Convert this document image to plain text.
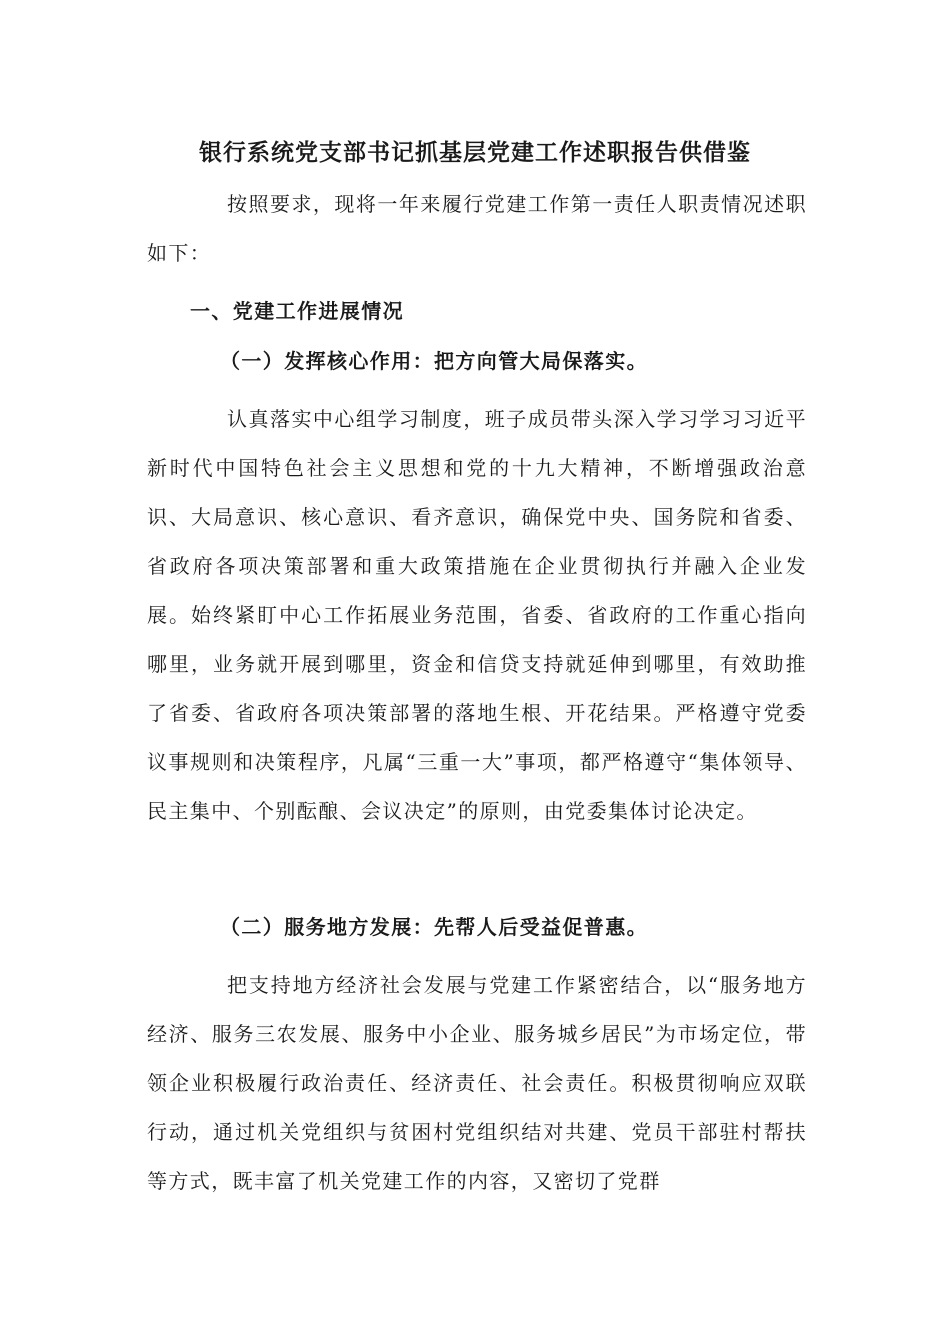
银行系统党支部书记抓基层党建工作述职报告供借鉴

按照要求，现将一年来履行党建工作第一责任人职责情况述职如下：

一、党建工作进展情况
（一）发挥核心作用：把方向管大局保落实。

认真落实中心组学习制度，班子成员带头深入学习学习习近平新时代中国特色社会主义思想和党的十九大精神，不断增强政治意识、大局意识、核心意识、看齐意识，确保党中央、国务院和省委、省政府各项决策部署和重大政策措施在企业贯彻执行并融入企业发展。始终紧盯中心工作拓展业务范围，省委、省政府的工作重心指向哪里，业务就开展到哪里，资金和信贷支持就延伸到哪里，有效助推了省委、省政府各项决策部署的落地生根、开花结果。严格遵守党委议事规则和决策程序，凡属“三重一大”事项，都严格遵守“集体领导、民主集中、个别酝酿、会议决定”的原则，由党委集体讨论决定。

（二）服务地方发展：先帮人后受益促普惠。

把支持地方经济社会发展与党建工作紧密结合，以“服务地方经济、服务三农发展、服务中小企业、服务城乡居民”为市场定位，带领企业积极履行政治责任、经济责任、社会责任。积极贯彻响应双联行动，通过机关党组织与贫困村党组织结对共建、党员干部驻村帮扶等方式，既丰富了机关党建工作的内容，又密切了党群
